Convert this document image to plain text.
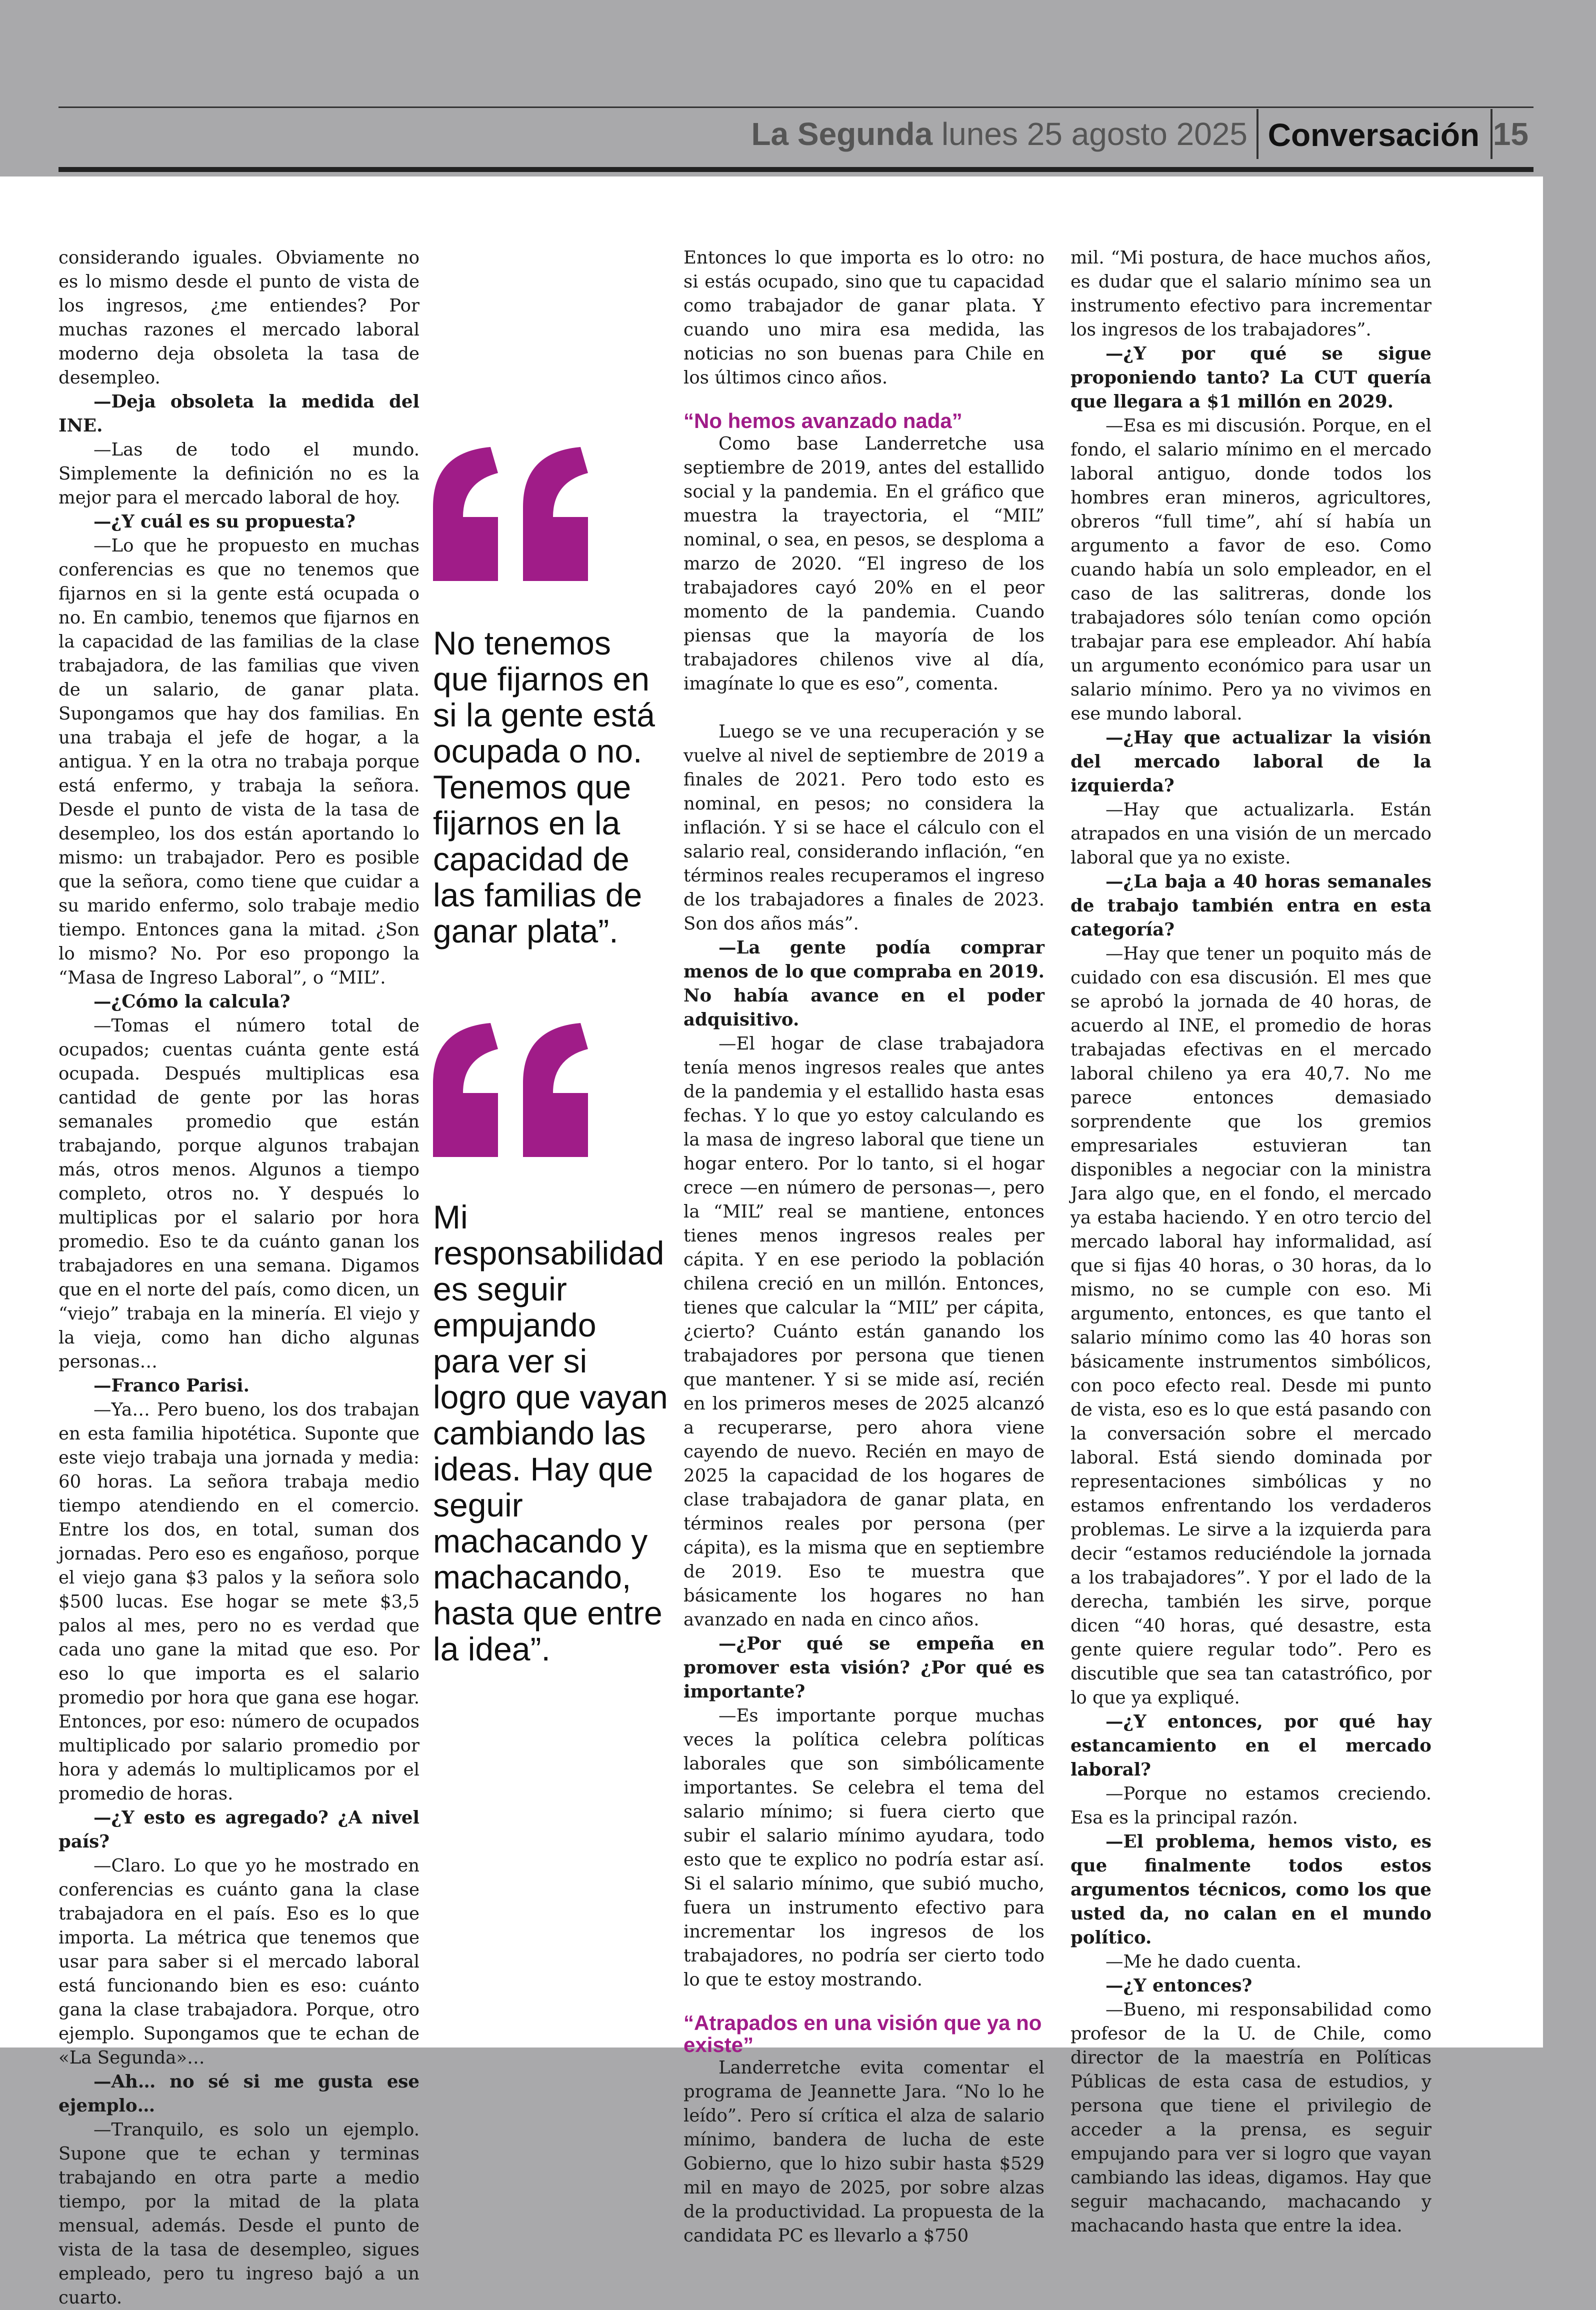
La Segunda lunes 25 agosto 2025 Conversación 15

considerando iguales. Obviamente no es lo mismo desde el punto de vista de los ingresos, ¿me entiendes? Por muchas razones el mercado laboral moderno deja obsoleta la tasa de desempleo.

—Deja obsoleta la medida del INE.

—Las de todo el mundo. Simplemente la definición no es la mejor para el mercado laboral de hoy.

—¿Y cuál es su propuesta?

—Lo que he propuesto en muchas conferencias es que no tenemos que fijarnos en si la gente está ocupada o no. En cambio, tenemos que fijarnos en la capacidad de las familias de la clase trabajadora, de las familias que viven de un salario, de ganar plata. Supongamos que hay dos familias. En una trabaja el jefe de hogar, a la antigua. Y en la otra no trabaja porque está enfermo, y trabaja la señora. Desde el punto de vista de la tasa de desempleo, los dos están aportando lo mismo: un trabajador. Pero es posible que la señora, como tiene que cuidar a su marido enfermo, solo trabaje medio tiempo. Entonces gana la mitad. ¿Son lo mismo? No. Por eso propongo la “Masa de Ingreso Laboral”, o “MIL”.

—¿Cómo la calcula?

—Tomas el número total de ocupados; cuentas cuánta gente está ocupada. Después multiplicas esa cantidad de gente por las horas semanales promedio que están trabajando, porque algunos trabajan más, otros menos. Algunos a tiempo completo, otros no. Y después lo multiplicas por el salario por hora promedio. Eso te da cuánto ganan los trabajadores en una semana. Digamos que en el norte del país, como dicen, un “viejo” trabaja en la minería. El viejo y la vieja, como han dicho algunas personas…

—Franco Parisi.

—Ya… Pero bueno, los dos trabajan en esta familia hipotética. Suponte que este viejo trabaja una jornada y media: 60 horas. La señora trabaja medio tiempo atendiendo en el comercio. Entre los dos, en total, suman dos jornadas. Pero eso es engañoso, porque el viejo gana $3 palos y la señora solo $500 lucas. Ese hogar se mete $3,5 palos al mes, pero no es verdad que cada uno gane la mitad que eso. Por eso lo que importa es el salario promedio por hora que gana ese hogar. Entonces, por eso: número de ocupados multiplicado por salario promedio por hora y además lo multiplicamos por el promedio de horas.

—¿Y esto es agregado? ¿A nivel país?

—Claro. Lo que yo he mostrado en conferencias es cuánto gana la clase trabajadora en el país. Eso es lo que importa. La métrica que tenemos que usar para saber si el mercado laboral está funcionando bien es eso: cuánto gana la clase trabajadora. Porque, otro ejemplo. Supongamos que te echan de «La Segunda»…

—Ah… no sé si me gusta ese ejemplo…

—Tranquilo, es solo un ejemplo. Supone que te echan y terminas trabajando en otra parte a medio tiempo, por la mitad de la plata mensual, además. Desde el punto de vista de la tasa de desempleo, sigues empleado, pero tu ingreso bajó a un cuarto.

Entonces lo que importa es lo otro: no si estás ocupado, sino que tu capacidad como trabajador de ganar plata. Y cuando uno mira esa medida, las noticias no son buenas para Chile en los últimos cinco años.

“No hemos avanzado nada”

Como base Landerretche usa septiembre de 2019, antes del estallido social y la pandemia. En el gráfico que muestra la trayectoria, el “MIL” nominal, o sea, en pesos, se desploma a marzo de 2020. “El ingreso de los trabajadores cayó 20% en el peor momento de la pandemia. Cuando piensas que la mayoría de los trabajadores chilenos vive al día, imagínate lo que es eso”, comenta.

Luego se ve una recuperación y se vuelve al nivel de septiembre de 2019 a finales de 2021. Pero todo esto es nominal, en pesos; no considera la inflación. Y si se hace el cálculo con el salario real, considerando inflación, “en términos reales recuperamos el ingreso de los trabajadores a finales de 2023. Son dos años más”.

—La gente podía comprar menos de lo que compraba en 2019. No había avance en el poder adquisitivo.

—El hogar de clase trabajadora tenía menos ingresos reales que antes de la pandemia y el estallido hasta esas fechas. Y lo que yo estoy calculando es la masa de ingreso laboral que tiene un hogar entero. Por lo tanto, si el hogar crece —en número de personas—, pero la “MIL” real se mantiene, entonces tienes menos ingresos reales per cápita. Y en ese periodo la población chilena creció en un millón. Entonces, tienes que calcular la “MIL” per cápita, ¿cierto? Cuánto están ganando los trabajadores por persona que tienen que mantener. Y si se mide así, recién en los primeros meses de 2025 alcanzó a recuperarse, pero ahora viene cayendo de nuevo. Recién en mayo de 2025 la capacidad de los hogares de clase trabajadora de ganar plata, en términos reales por persona (per cápita), es la misma que en septiembre de 2019. Eso te muestra que básicamente los hogares no han avanzado en nada en cinco años.

—¿Por qué se empeña en promover esta visión? ¿Por qué es importante?

—Es importante porque muchas veces la política celebra políticas laborales que son simbólicamente importantes. Se celebra el tema del salario mínimo; si fuera cierto que subir el salario mínimo ayudara, todo esto que te explico no podría estar así. Si el salario mínimo, que subió mucho, fuera un instrumento efectivo para incrementar los ingresos de los trabajadores, no podría ser cierto todo lo que te estoy mostrando.

“Atrapados en una visión que ya no existe”

Landerretche evita comentar el programa de Jeannette Jara. “No lo he leído”. Pero sí crítica el alza de salario mínimo, bandera de lucha de este Gobierno, que lo hizo subir hasta $529 mil en mayo de 2025, por sobre alzas de la productividad. La propuesta de la candidata PC es llevarlo a $750

mil. “Mi postura, de hace muchos años, es dudar que el salario mínimo sea un instrumento efectivo para incrementar los ingresos de los trabajadores”.

—¿Y por qué se sigue proponiendo tanto? La CUT quería que llegara a $1 millón en 2029.

—Esa es mi discusión. Porque, en el fondo, el salario mínimo en el mercado laboral antiguo, donde todos los hombres eran mineros, agricultores, obreros “full time”, ahí sí había un argumento a favor de eso. Como cuando había un solo empleador, en el caso de las salitreras, donde los trabajadores sólo tenían como opción trabajar para ese empleador. Ahí había un argumento económico para usar un salario mínimo. Pero ya no vivimos en ese mundo laboral.

—¿Hay que actualizar la visión del mercado laboral de la izquierda?

—Hay que actualizarla. Están atrapados en una visión de un mercado laboral que ya no existe.

—¿La baja a 40 horas semanales de trabajo también entra en esta categoría?

—Hay que tener un poquito más de cuidado con esa discusión. El mes que se aprobó la jornada de 40 horas, de acuerdo al INE, el promedio de horas trabajadas efectivas en el mercado laboral chileno ya era 40,7. No me parece entonces demasiado sorprendente que los gremios empresariales estuvieran tan disponibles a negociar con la ministra Jara algo que, en el fondo, el mercado ya estaba haciendo. Y en otro tercio del mercado laboral hay informalidad, así que si fijas 40 horas, o 30 horas, da lo mismo, no se cumple con eso. Mi argumento, entonces, es que tanto el salario mínimo como las 40 horas son básicamente instrumentos simbólicos, con poco efecto real. Desde mi punto de vista, eso es lo que está pasando con la conversación sobre el mercado laboral. Está siendo dominada por representaciones simbólicas y no estamos enfrentando los verdaderos problemas. Le sirve a la izquierda para decir “estamos reduciéndole la jornada a los trabajadores”. Y por el lado de la derecha, también les sirve, porque dicen “40 horas, qué desastre, esta gente quiere regular todo”. Pero es discutible que sea tan catastrófico, por lo que ya expliqué.

—¿Y entonces, por qué hay estancamiento en el mercado laboral?

—Porque no estamos creciendo. Esa es la principal razón.

—El problema, hemos visto, es que finalmente todos estos argumentos técnicos, como los que usted da, no calan en el mundo político.

—Me he dado cuenta.

—¿Y entonces?

—Bueno, mi responsabilidad como profesor de la U. de Chile, como director de la maestría en Políticas Públicas de esta casa de estudios, y persona que tiene el privilegio de acceder a la prensa, es seguir empujando para ver si logro que vayan cambiando las ideas, digamos. Hay que seguir machacando, machacando y machacando hasta que entre la idea.

No tenemos que fijarnos en si la gente está ocupada o no. Tenemos que fijarnos en la capacidad de las familias de ganar plata”.

Mi responsabilidad es seguir empujando para ver si logro que vayan cambiando las ideas. Hay que seguir machacando y machacando, hasta que entre la idea”.
